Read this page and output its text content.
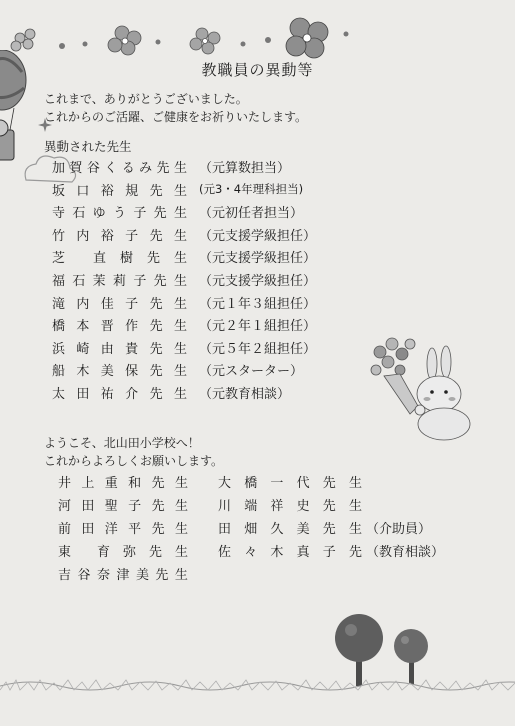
教職員の異動等
これまで、ありがとうございました。
これからのご活躍、ご健康をお祈りいたします。
異動された先生
加 賀 谷 く る み 先 生 （元算数担当）
坂 口 裕 規 先 生 (元3・4年理科担当)
寺 石 ゆ う 子 先 生 （元初任者担当）
竹 内 裕 子 先 生 （元支援学級担任）
芝 直 樹 先 生 （元支援学級担任）
福 石 茉 莉 子 先 生 （元支援学級担任）
滝 内 佳 子 先 生 （元１年３組担任）
橋 本 晋 作 先 生 （元２年１組担任）
浜 崎 由 貴 先 生 （元５年２組担任）
船 木 美 保 先 生 （元スターター）
太 田 祐 介 先 生 （元教育相談）
ようこそ、北山田小学校へ！
これからよろしくお願いします。
井 上 重 和 先 生
河 田 聖 子 先 生
前 田 洋 平 先 生
東 育 弥 先 生
吉 谷 奈 津 美 先 生
大 橋 一 代 先 生
川 端 祥 史 先 生
田 畑 久 美 先 生 （介助員）
佐 々 木 真 子 先 （教育相談）
